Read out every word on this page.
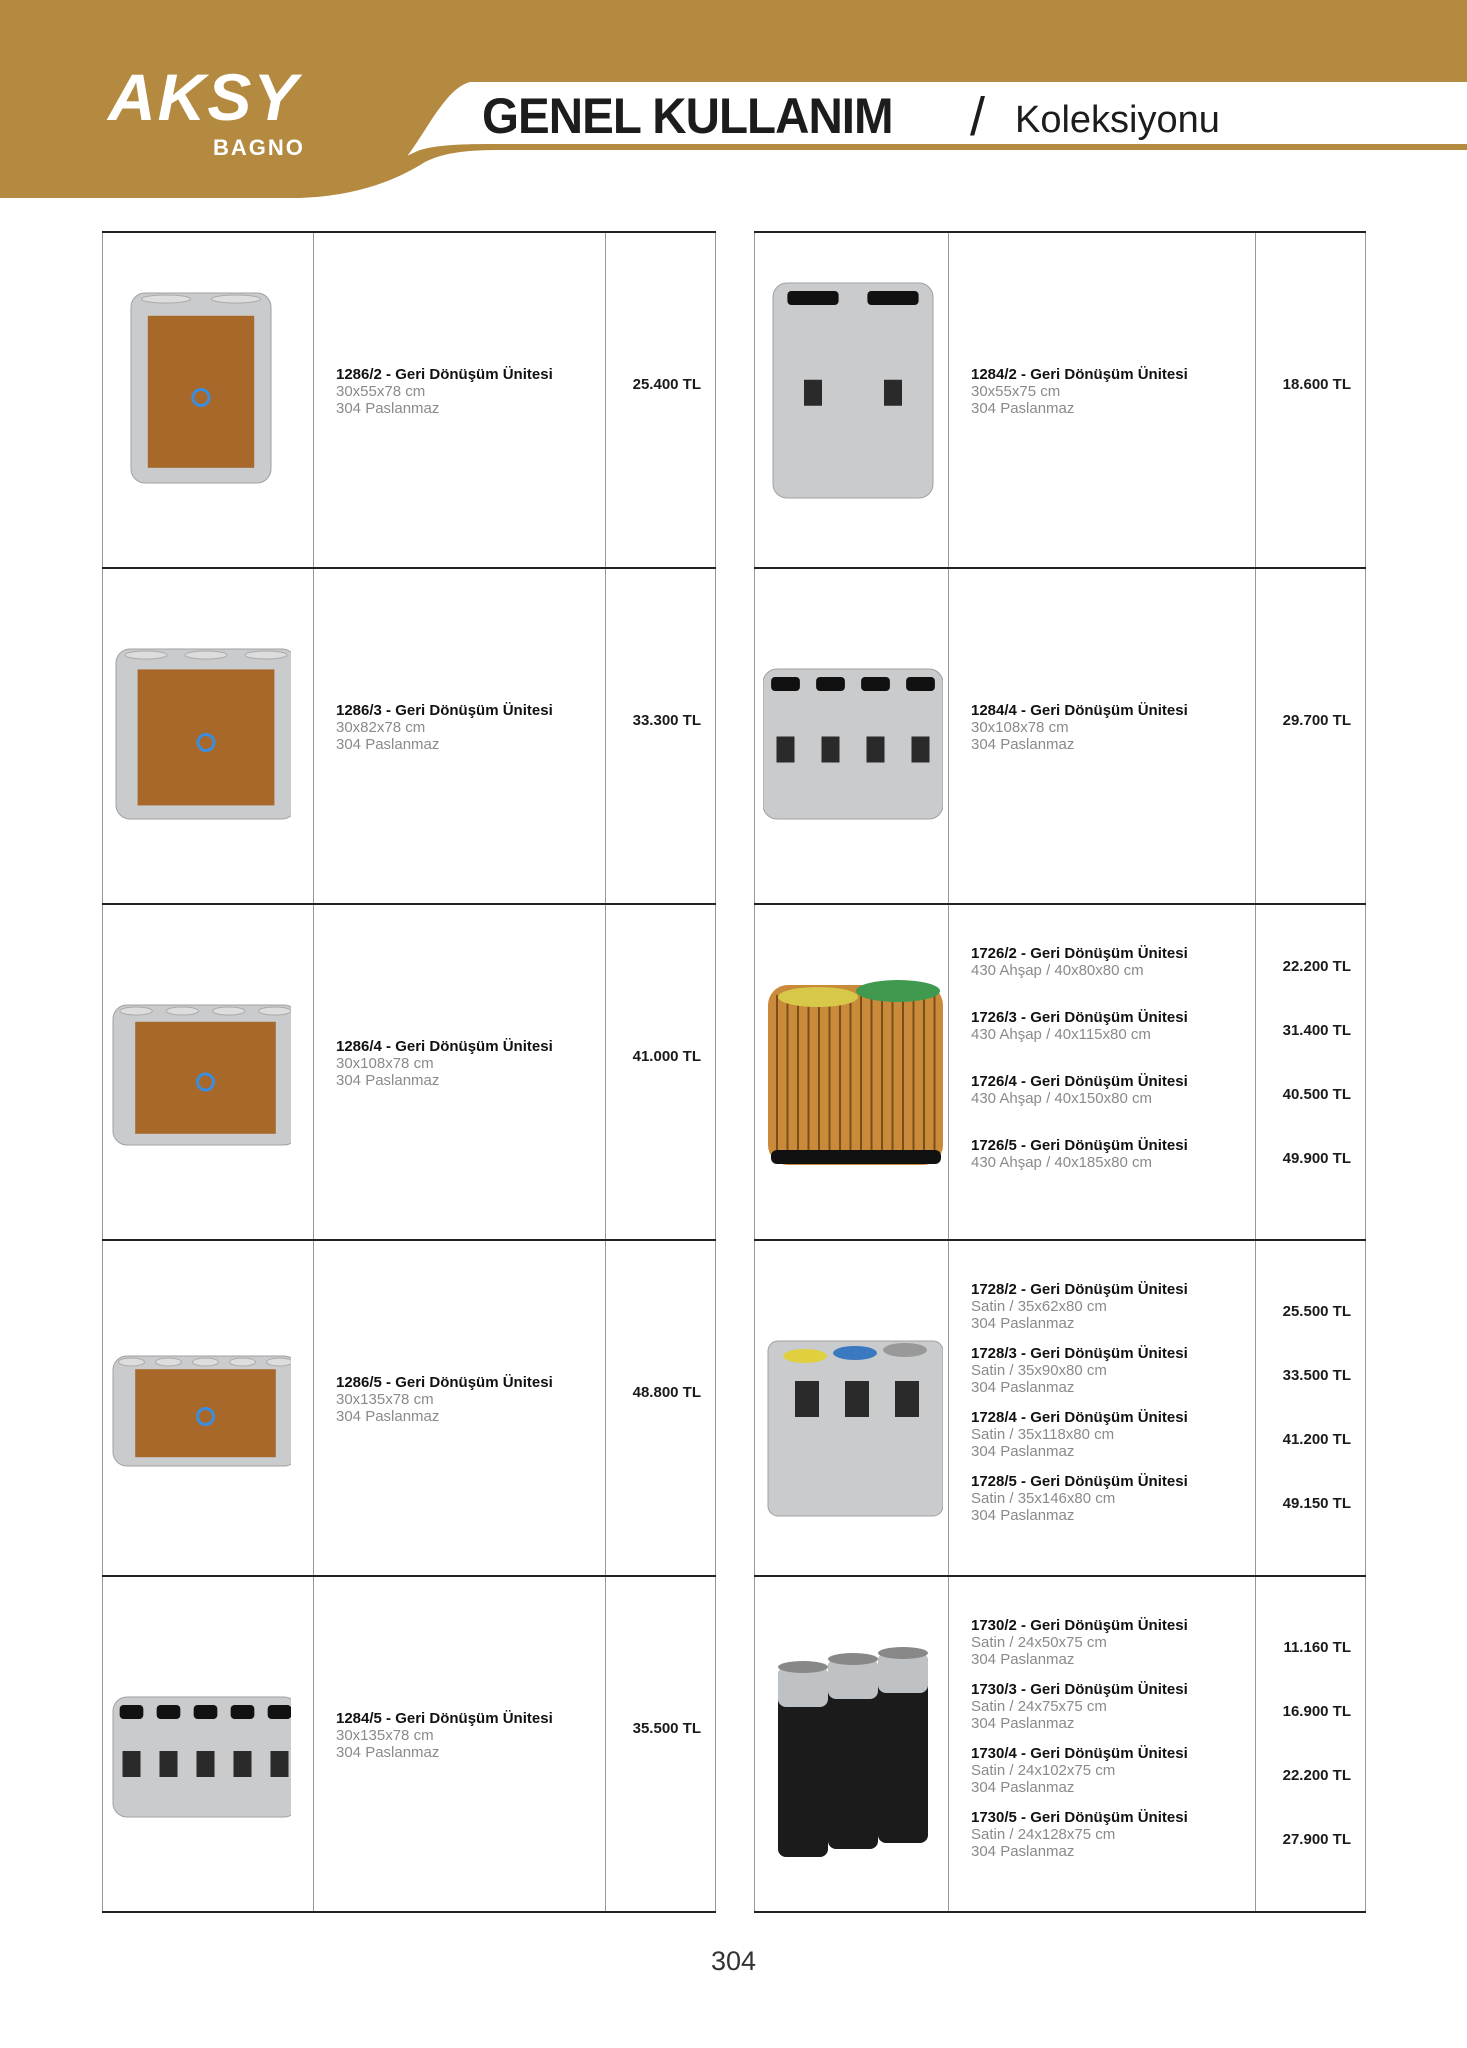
AKSY
BAGNO
GENEL KULLANIM / Koleksiyonu
1286/2 - Geri Dönüşüm Ünitesi
30x55x78 cm
304 Paslanmaz
25.400 TL
1286/3 - Geri Dönüşüm Ünitesi
30x82x78 cm
304 Paslanmaz
33.300 TL
1286/4 - Geri Dönüşüm Ünitesi
30x108x78 cm
304 Paslanmaz
41.000 TL
1286/5 - Geri Dönüşüm Ünitesi
30x135x78 cm
304 Paslanmaz
48.800 TL
1284/5 - Geri Dönüşüm Ünitesi
30x135x78 cm
304 Paslanmaz
35.500 TL
1284/2 - Geri Dönüşüm Ünitesi
30x55x75 cm
304 Paslanmaz
18.600 TL
1284/4 - Geri Dönüşüm Ünitesi
30x108x78 cm
304 Paslanmaz
29.700 TL
1726/2 - Geri Dönüşüm Ünitesi
430 Ahşap / 40x80x80 cm
1726/3 - Geri Dönüşüm Ünitesi
430 Ahşap / 40x115x80 cm
1726/4 - Geri Dönüşüm Ünitesi
430 Ahşap / 40x150x80 cm
1726/5 - Geri Dönüşüm Ünitesi
430 Ahşap / 40x185x80 cm
22.200 TL
31.400 TL
40.500 TL
49.900 TL
1728/2 - Geri Dönüşüm Ünitesi
Satin / 35x62x80 cm
304 Paslanmaz
1728/3 - Geri Dönüşüm Ünitesi
Satin / 35x90x80 cm
304 Paslanmaz
1728/4 - Geri Dönüşüm Ünitesi
Satin / 35x118x80 cm
304 Paslanmaz
1728/5 - Geri Dönüşüm Ünitesi
Satin / 35x146x80 cm
304 Paslanmaz
25.500 TL
33.500 TL
41.200 TL
49.150 TL
1730/2 - Geri Dönüşüm Ünitesi
Satin / 24x50x75 cm
304 Paslanmaz
1730/3 - Geri Dönüşüm Ünitesi
Satin / 24x75x75 cm
304 Paslanmaz
1730/4 - Geri Dönüşüm Ünitesi
Satin / 24x102x75 cm
304 Paslanmaz
1730/5 - Geri Dönüşüm Ünitesi
Satin / 24x128x75 cm
304 Paslanmaz
11.160 TL
16.900 TL
22.200 TL
27.900 TL
304
